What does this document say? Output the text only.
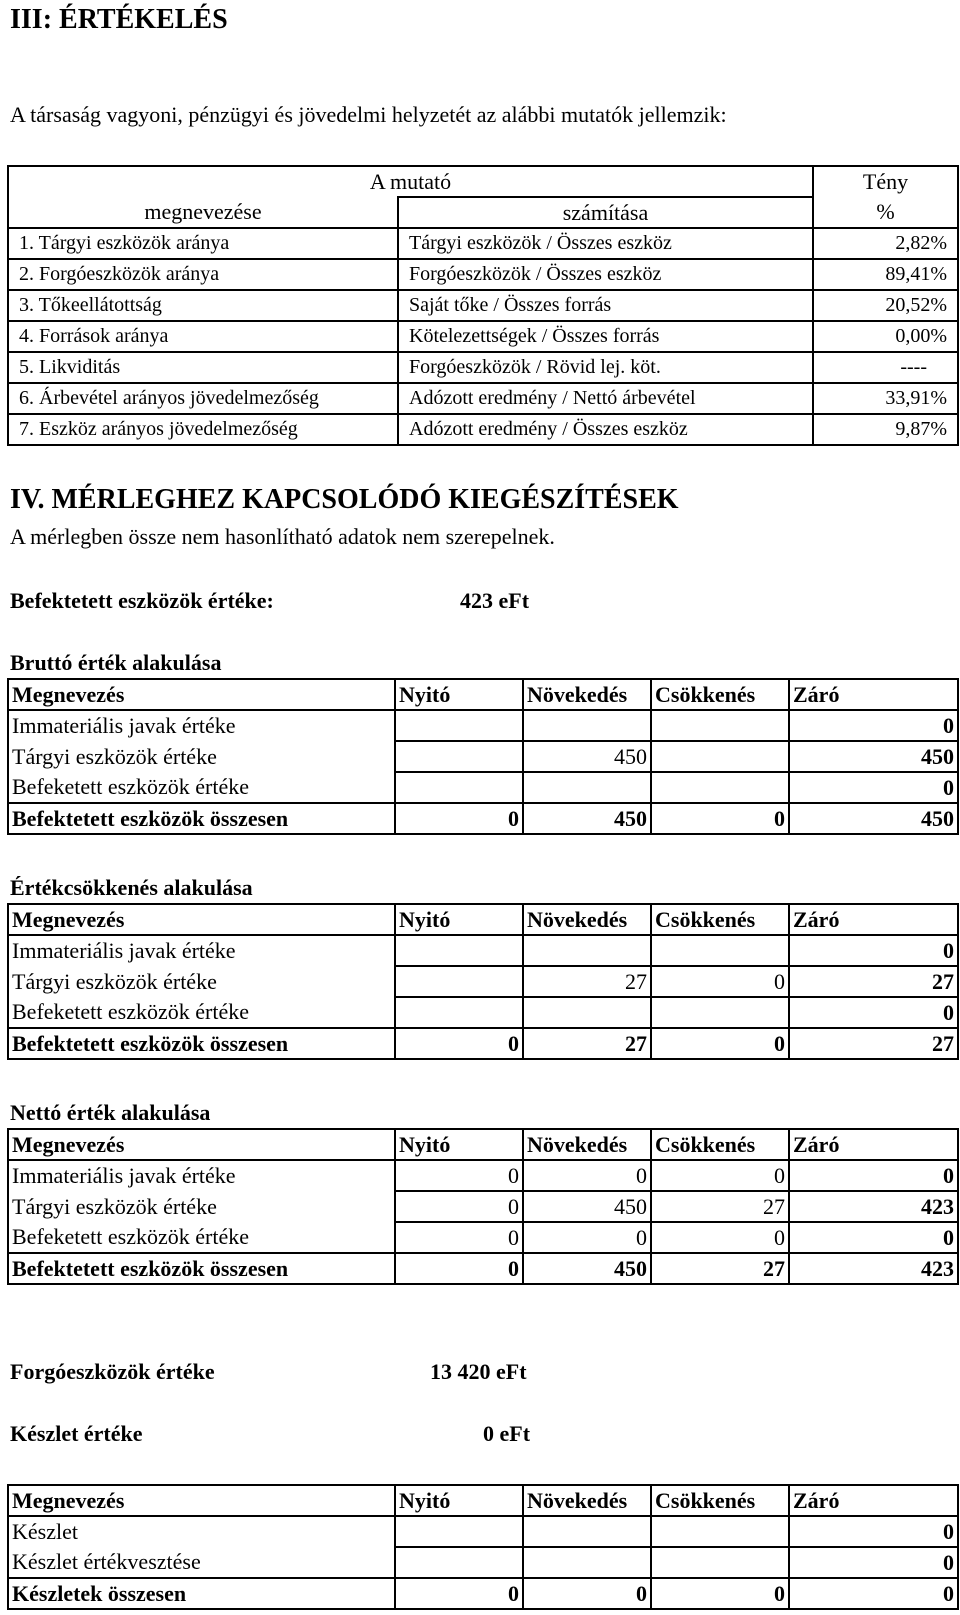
III: ÉRTÉKELÉS
A társaság vagyoni, pénzügyi és jövedelmi helyzetét az alábbi mutatók jellemzik:
A mutató		Tény
megnevezése	számítása	%
1. Tárgyi eszközök aránya	Tárgyi eszközök / Összes eszköz	2,82%
2. Forgóeszközök aránya	Forgóeszközök / Összes eszköz	89,41%
3. Tőkeellátottság	Saját tőke / Összes forrás	20,52%
4. Források aránya	Kötelezettségek / Összes forrás	0,00%
5. Likviditás	Forgóeszközök / Rövid lej. köt.	----
6. Árbevétel arányos jövedelmezőség	Adózott eredmény / Nettó árbevétel	33,91%
7. Eszköz arányos jövedelmezőség	Adózott eredmény / Összes eszköz	9,87%
IV. MÉRLEGHEZ KAPCSOLÓDÓ KIEGÉSZÍTÉSEK
A mérlegben össze nem hasonlítható adatok nem szerepelnek.
Befektetett eszközök értéke:	423 eFt
Bruttó érték alakulása
Megnevezés	Nyitó	Növekedés	Csökkenés	Záró
Immateriális javak értéke				0
Tárgyi eszközök értéke		450		450
Befeketett eszközök értéke				0
Befektetett eszközök összesen	0	450	0	450
Értékcsökkenés alakulása
Megnevezés	Nyitó	Növekedés	Csökkenés	Záró
Immateriális javak értéke				0
Tárgyi eszközök értéke		27	0	27
Befeketett eszközök értéke				0
Befektetett eszközök összesen	0	27	0	27
Nettó érték alakulása
Megnevezés	Nyitó	Növekedés	Csökkenés	Záró
Immateriális javak értéke	0	0	0	0
Tárgyi eszközök értéke	0	450	27	423
Befeketett eszközök értéke	0	0	0	0
Befektetett eszközök összesen	0	450	27	423
Forgóeszközök értéke	13 420 eFt
Készlet értéke	0 eFt
Megnevezés	Nyitó	Növekedés	Csökkenés	Záró
Készlet				0
Készlet értékvesztése				0
Készletek összesen	0	0	0	0
